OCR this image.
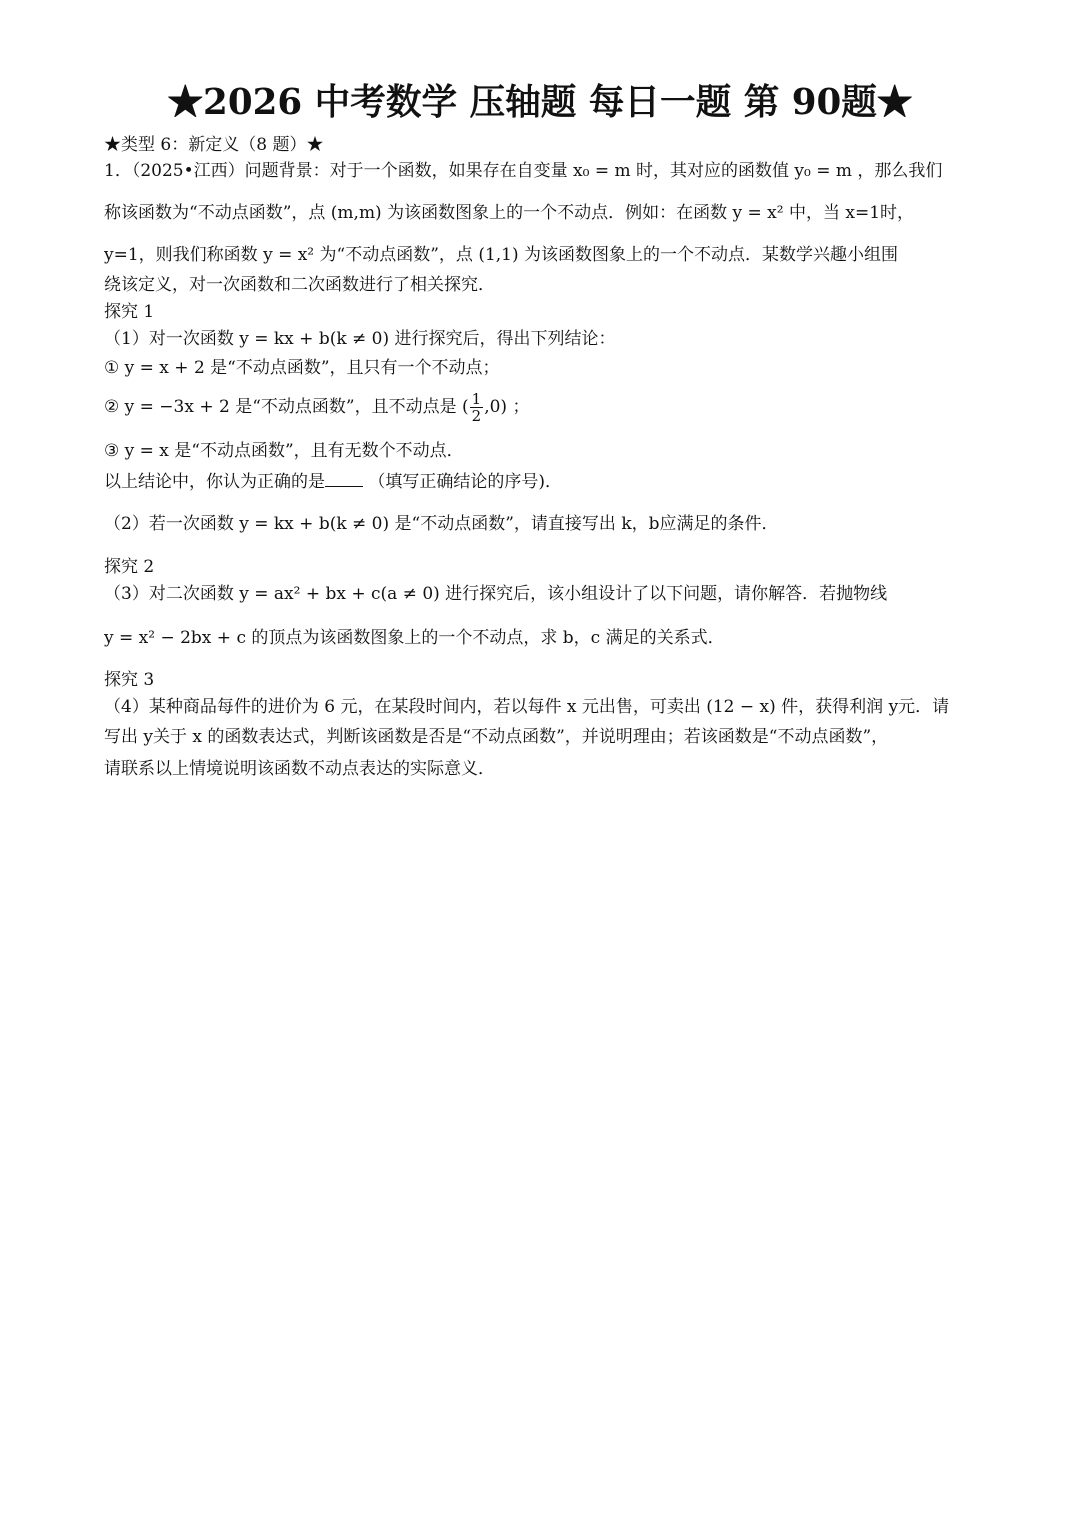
★2026 中考数学 压轴题 每日一题 第 90题★
★类型 6：新定义（8 题）★
1．（2025•江西）问题背景：对于一个函数，如果存在自变量 x₀ = m 时，其对应的函数值 y₀ = m ，那么我们
称该函数为“不动点函数”，点 (m,m) 为该函数图象上的一个不动点．例如：在函数 y = x² 中，当 x=1时，
y=1，则我们称函数 y = x² 为“不动点函数”，点 (1,1) 为该函数图象上的一个不动点．某数学兴趣小组围
绕该定义，对一次函数和二次函数进行了相关探究．
探究 1
（1）对一次函数 y = kx + b(k ≠ 0) 进行探究后，得出下列结论：
① y = x + 2 是“不动点函数”，且只有一个不动点；
② y = −3x + 2 是“不动点函数”，且不动点是 ( $\frac{1}{2} ,0$) ；
③ y = x 是“不动点函数”，且有无数个不动点．
以上结论中，你认为正确的是 （填写正确结论的序号)．
（2）若一次函数 y = kx + b(k ≠ 0) 是“不动点函数”，请直接写出 k，b应满足的条件．
探究 2
（3）对二次函数 y = ax² + bx + c(a ≠ 0) 进行探究后，该小组设计了以下问题，请你解答．若抛物线
y = x² − 2bx + c 的顶点为该函数图象上的一个不动点，求 b，c 满足的关系式．
探究 3
（4）某种商品每件的进价为 6 元，在某段时间内，若以每件 x 元出售，可卖出 (12 − x) 件，获得利润 y元．请
写出 y关于 x 的函数表达式，判断该函数是否是“不动点函数”，并说明理由；若该函数是“不动点函数”，
请联系以上情境说明该函数不动点表达的实际意义．
